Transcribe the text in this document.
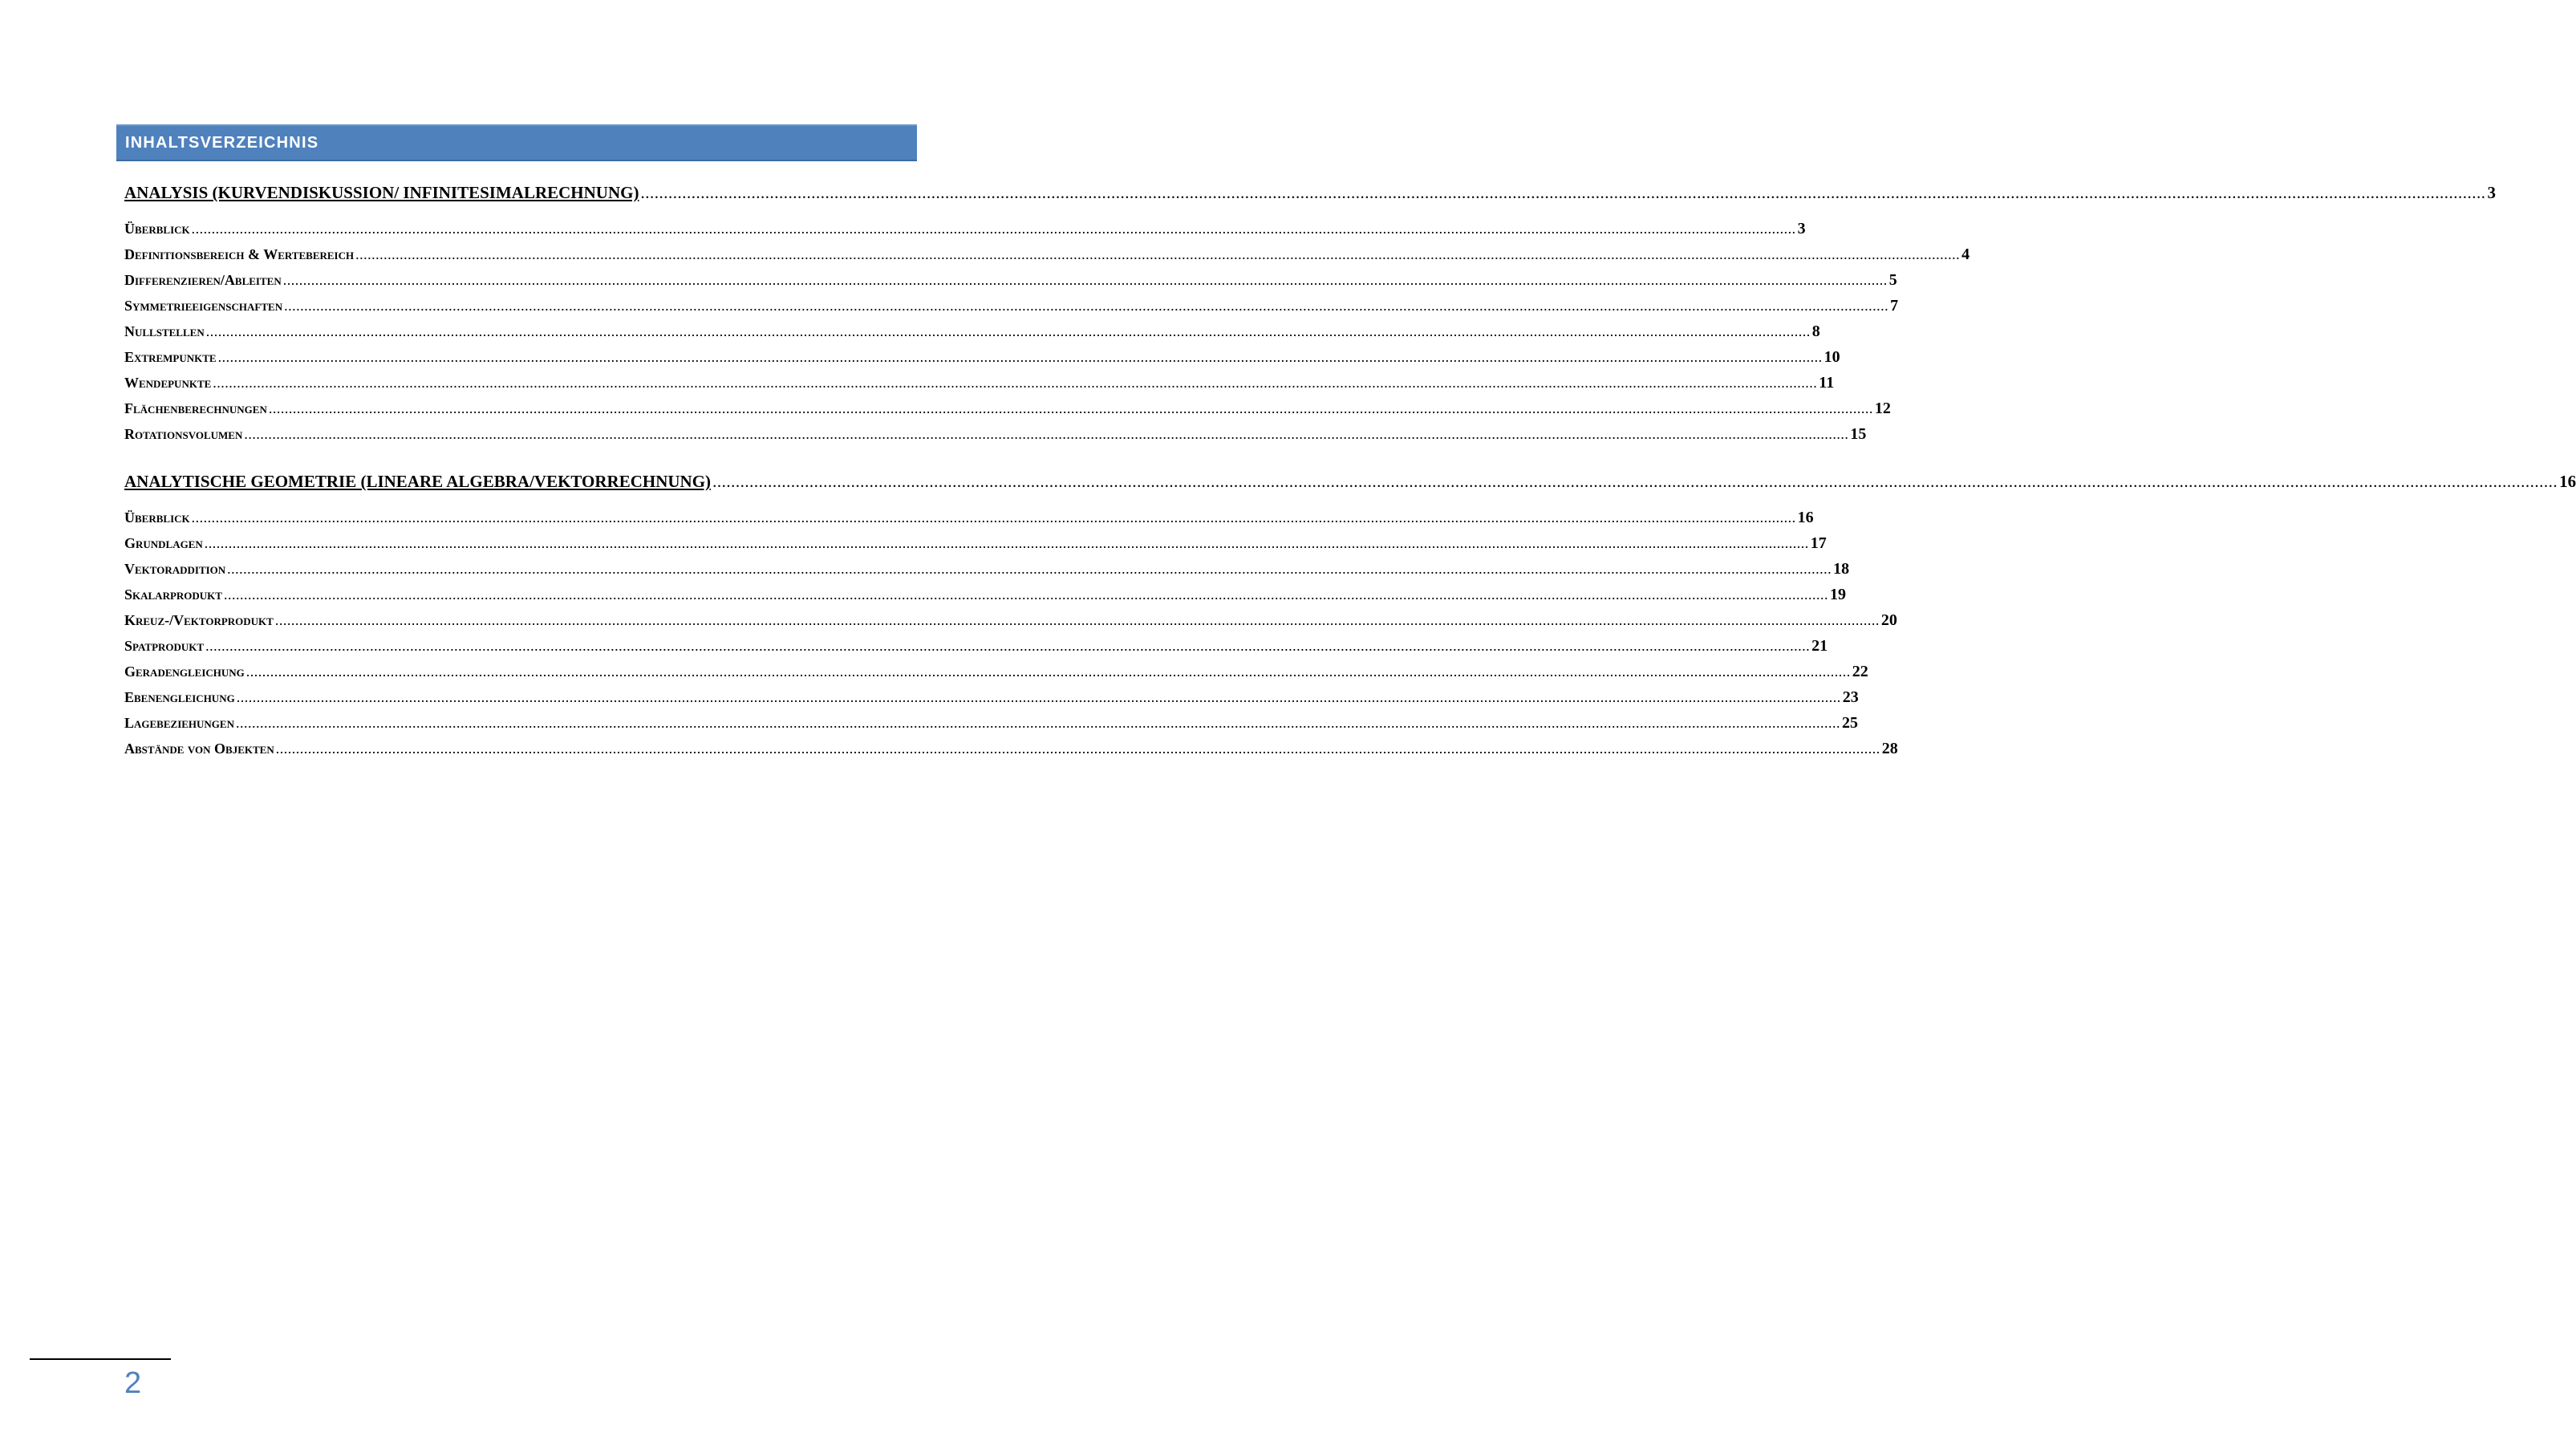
INHALTSVERZEICHNIS
ANALYSIS (KURVENDISKUSSION/ INFINITESIMALRECHNUNG) ................................................................................................................................................................................................................................................................................................................................................................................................................ 3
Überblick ................................................................................................................................................................................................................................................................................................................................................................................................................ 3
Definitionsbereich & Wertebereich ................................................................................................................................................................................................................................................................................................................................................................................................................ 4
Differenzieren/Ableiten ................................................................................................................................................................................................................................................................................................................................................................................................................ 5
Symmetrieeigenschaften ................................................................................................................................................................................................................................................................................................................................................................................................................ 7
Nullstellen ................................................................................................................................................................................................................................................................................................................................................................................................................ 8
Extrempunkte ................................................................................................................................................................................................................................................................................................................................................................................................................ 10
Wendepunkte ................................................................................................................................................................................................................................................................................................................................................................................................................ 11
Flächenberechnungen ................................................................................................................................................................................................................................................................................................................................................................................................................ 12
Rotationsvolumen ................................................................................................................................................................................................................................................................................................................................................................................................................ 15
ANALYTISCHE GEOMETRIE (LINEARE ALGEBRA/VEKTORRECHNUNG) ................................................................................................................................................................................................................................................................................................................................................................................................................ 16
Überblick ................................................................................................................................................................................................................................................................................................................................................................................................................ 16
Grundlagen ................................................................................................................................................................................................................................................................................................................................................................................................................ 17
Vektoraddition ................................................................................................................................................................................................................................................................................................................................................................................................................ 18
Skalarprodukt ................................................................................................................................................................................................................................................................................................................................................................................................................ 19
Kreuz-/Vektorprodukt ................................................................................................................................................................................................................................................................................................................................................................................................................ 20
Spatprodukt ................................................................................................................................................................................................................................................................................................................................................................................................................ 21
Geradengleichung ................................................................................................................................................................................................................................................................................................................................................................................................................ 22
Ebenengleichung ................................................................................................................................................................................................................................................................................................................................................................................................................ 23
Lagebeziehungen ................................................................................................................................................................................................................................................................................................................................................................................................................ 25
Abstände von Objekten ................................................................................................................................................................................................................................................................................................................................................................................................................ 28
2
